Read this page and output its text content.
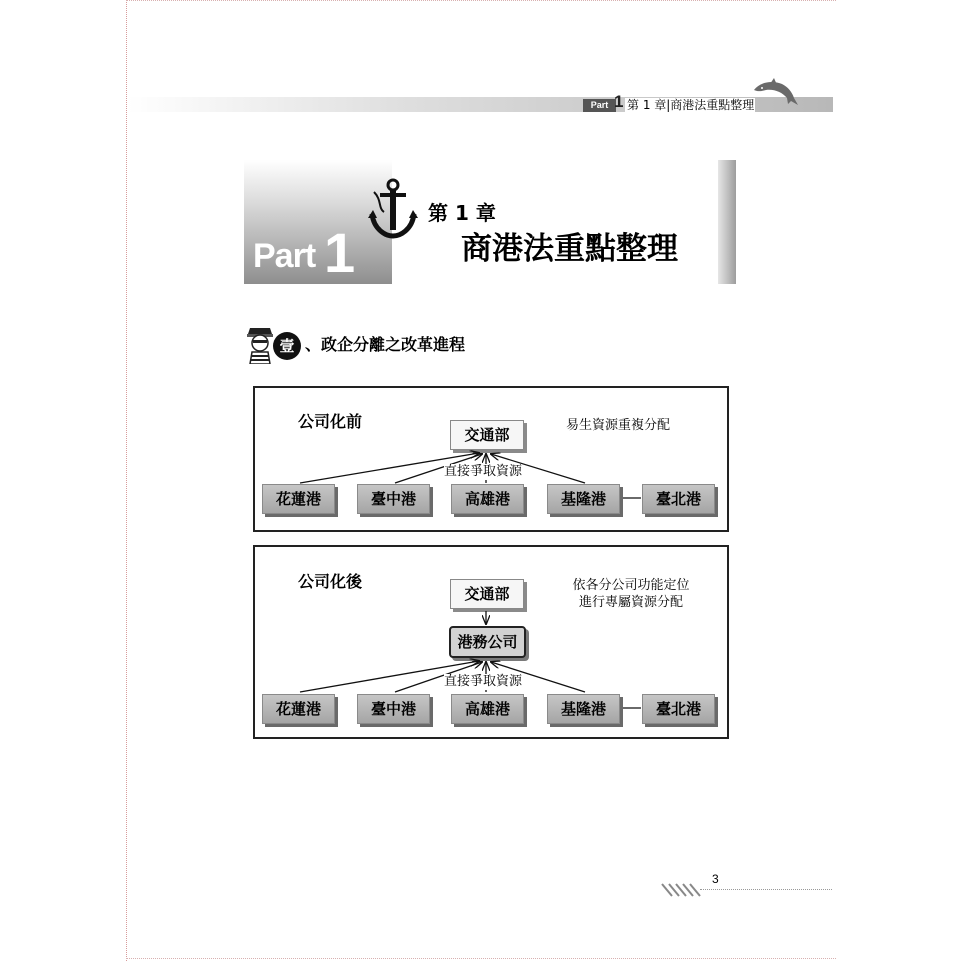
Part 1 第 1 章|商港法重點整理
Part 1
第 1 章
商港法重點整理
壹 、政企分離之改革進程
公司化前
交通部
易生資源重複分配
直接爭取資源
花蓮港	臺中港	高雄港	基隆港	臺北港
公司化後
交通部
港務公司
依各分公司功能定位
進行專屬資源分配
直接爭取資源
花蓮港	臺中港	高雄港	基隆港	臺北港
3
